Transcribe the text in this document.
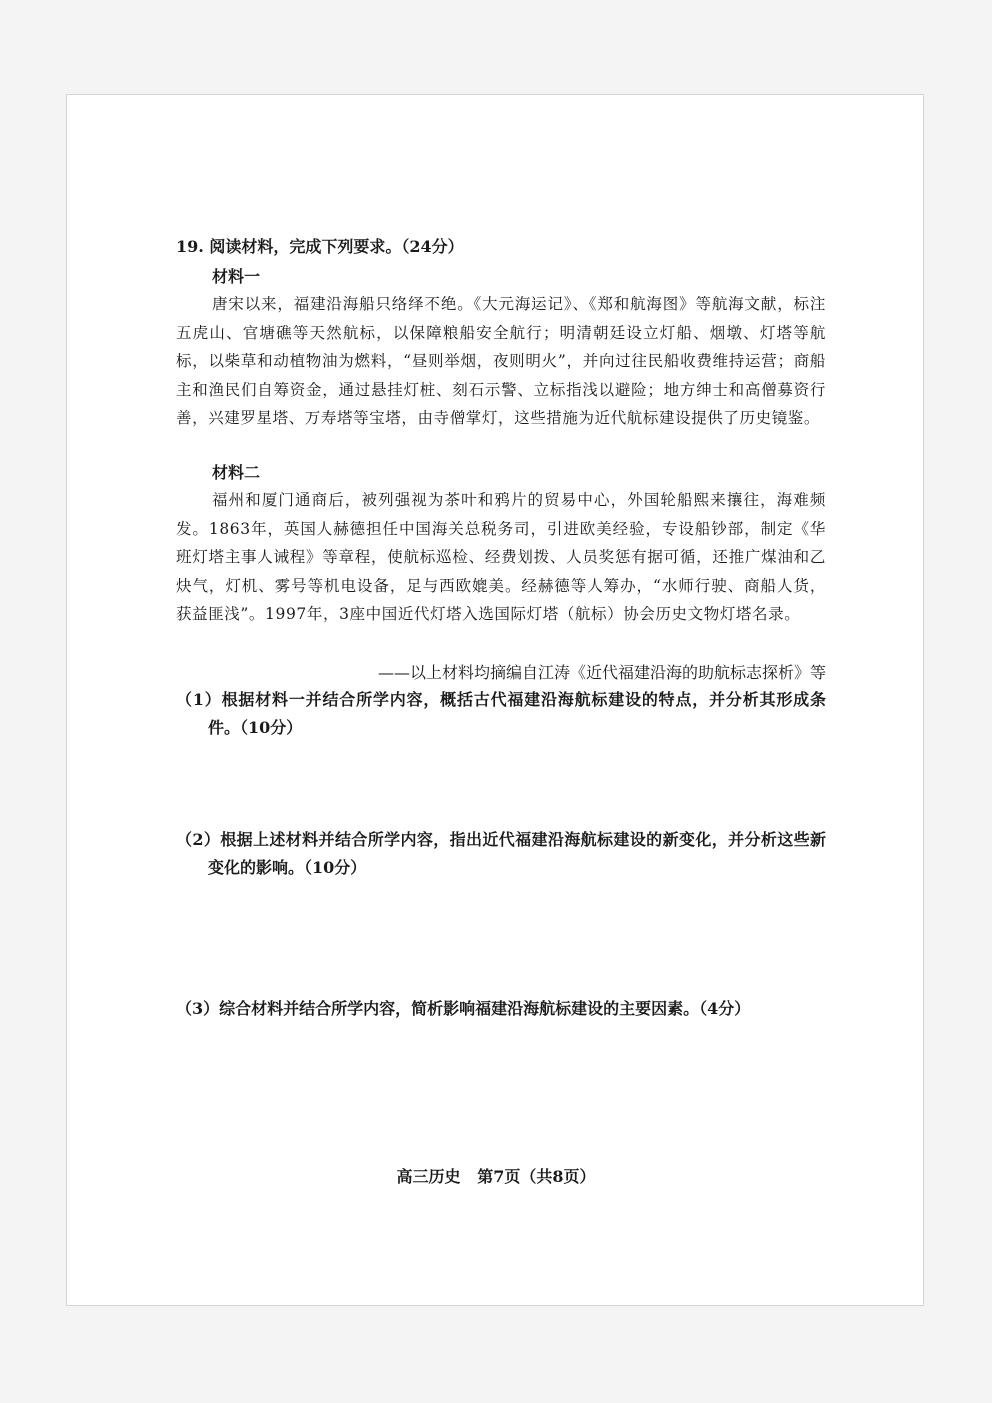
19. 阅读材料，完成下列要求。（24分）
材料一
唐宋以来，福建沿海船只络绎不绝。《大元海运记》、《郑和航海图》等航海文献，标注五虎山、官塘礁等天然航标，以保障粮船安全航行；明清朝廷设立灯船、烟墩、灯塔等航标，以柴草和动植物油为燃料，“昼则举烟，夜则明火”，并向过往民船收费维持运营；商船主和渔民们自筹资金，通过悬挂灯桩、刻石示警、立标指浅以避险；地方绅士和高僧募资行善，兴建罗星塔、万寿塔等宝塔，由寺僧掌灯，这些措施为近代航标建设提供了历史镜鉴。
材料二
福州和厦门通商后，被列强视为茶叶和鸦片的贸易中心，外国轮船熙来攘往，海难频发。1863年，英国人赫德担任中国海关总税务司，引进欧美经验，专设船钞部，制定《华班灯塔主事人诫程》等章程，使航标巡检、经费划拨、人员奖惩有据可循，还推广煤油和乙炔气，灯机、雾号等机电设备，足与西欧媲美。经赫德等人筹办，“水师行驶、商船人货，获益匪浅”。1997年，3座中国近代灯塔入选国际灯塔（航标）协会历史文物灯塔名录。
——以上材料均摘编自江涛《近代福建沿海的助航标志探析》等
（1）根据材料一并结合所学内容，概括古代福建沿海航标建设的特点，并分析其形成条件。（10分）
（2）根据上述材料并结合所学内容，指出近代福建沿海航标建设的新变化，并分析这些新变化的影响。（10分）
（3）综合材料并结合所学内容，简析影响福建沿海航标建设的主要因素。（4分）
高三历史   第7页（共8页）
